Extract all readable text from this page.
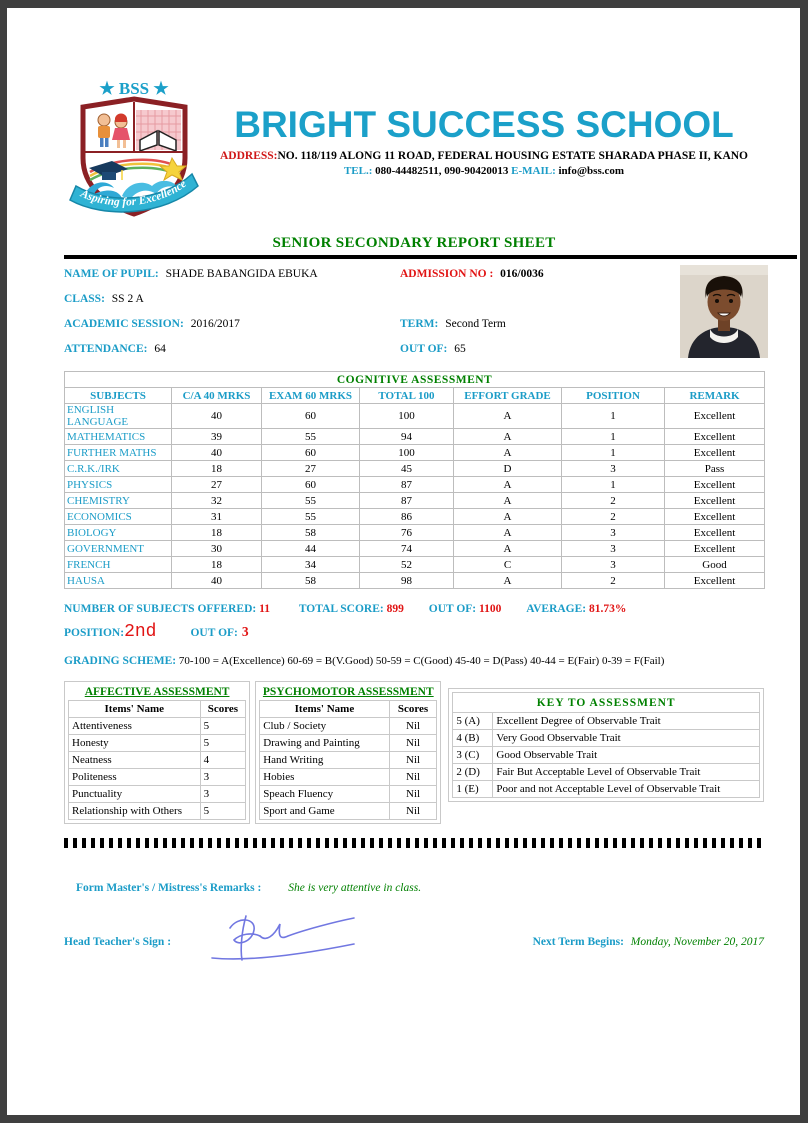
★ BSS ★
Aspiring for Excellence
BRIGHT SUCCESS SCHOOL
ADDRESS:NO. 118/119 ALONG 11 ROAD, FEDERAL HOUSING ESTATE SHARADA PHASE II, KANO
TEL.: 080-44482511, 090-90420013 E-MAIL: info@bss.com
SENIOR SECONDARY REPORT SHEET
NAME OF PUPIL: SHADE BABANGIDA EBUKA	ADMISSION NO : 016/0036
CLASS: SS 2 A
ACADEMIC SESSION: 2016/2017	TERM: Second Term
ATTENDANCE: 64	OUT OF: 65
COGNITIVE ASSESSMENT						
SUBJECTS	C/A 40 MRKS	EXAM 60 MRKS	TOTAL 100	EFFORT GRADE	POSITION	REMARK
ENGLISH LANGUAGE	40	60	100	A	1	Excellent
MATHEMATICS	39	55	94	A	1	Excellent
FURTHER MATHS	40	60	100	A	1	Excellent
C.R.K./IRK	18	27	45	D	3	Pass
PHYSICS	27	60	87	A	1	Excellent
CHEMISTRY	32	55	87	A	2	Excellent
ECONOMICS	31	55	86	A	2	Excellent
BIOLOGY	18	58	76	A	3	Excellent
GOVERNMENT	30	44	74	A	3	Excellent
FRENCH	18	34	52	C	3	Good
HAUSA	40	58	98	A	2	Excellent
NUMBER OF SUBJECTS OFFERED: 11	TOTAL SCORE: 899 OUT OF: 1100 AVERAGE: 81.73%
POSITION: 2nd	OUT OF: 3
GRADING SCHEME: 70-100 = A(Excellence) 60-69 = B(V.Good) 50-59 = C(Good) 45-40 = D(Pass) 40-44 = E(Fair) 0-39 = F(Fail)
AFFECTIVE ASSESSMENT
Items' Name	Scores
Attentiveness	5
Honesty	5
Neatness	4
Politeness	3
Punctuality	3
Relationship with Others	5
PSYCHOMOTOR ASSESSMENT
Items' Name	Scores
Club / Society	Nil
Drawing and Painting	Nil
Hand Writing	Nil
Hobies	Nil
Speach Fluency	Nil
Sport and Game	Nil
KEY TO ASSESSMENT	
5 (A)	Excellent Degree of Observable Trait
4 (B)	Very Good Observable Trait
3 (C)	Good Observable Trait
2 (D)	Fair But Acceptable Level of Observable Trait
1 (E)	Poor and not Acceptable Level of Observable Trait
Form Master's / Mistress's Remarks : She is very attentive in class.
Head Teacher's Sign :	Next Term Begins: Monday, November 20, 2017
